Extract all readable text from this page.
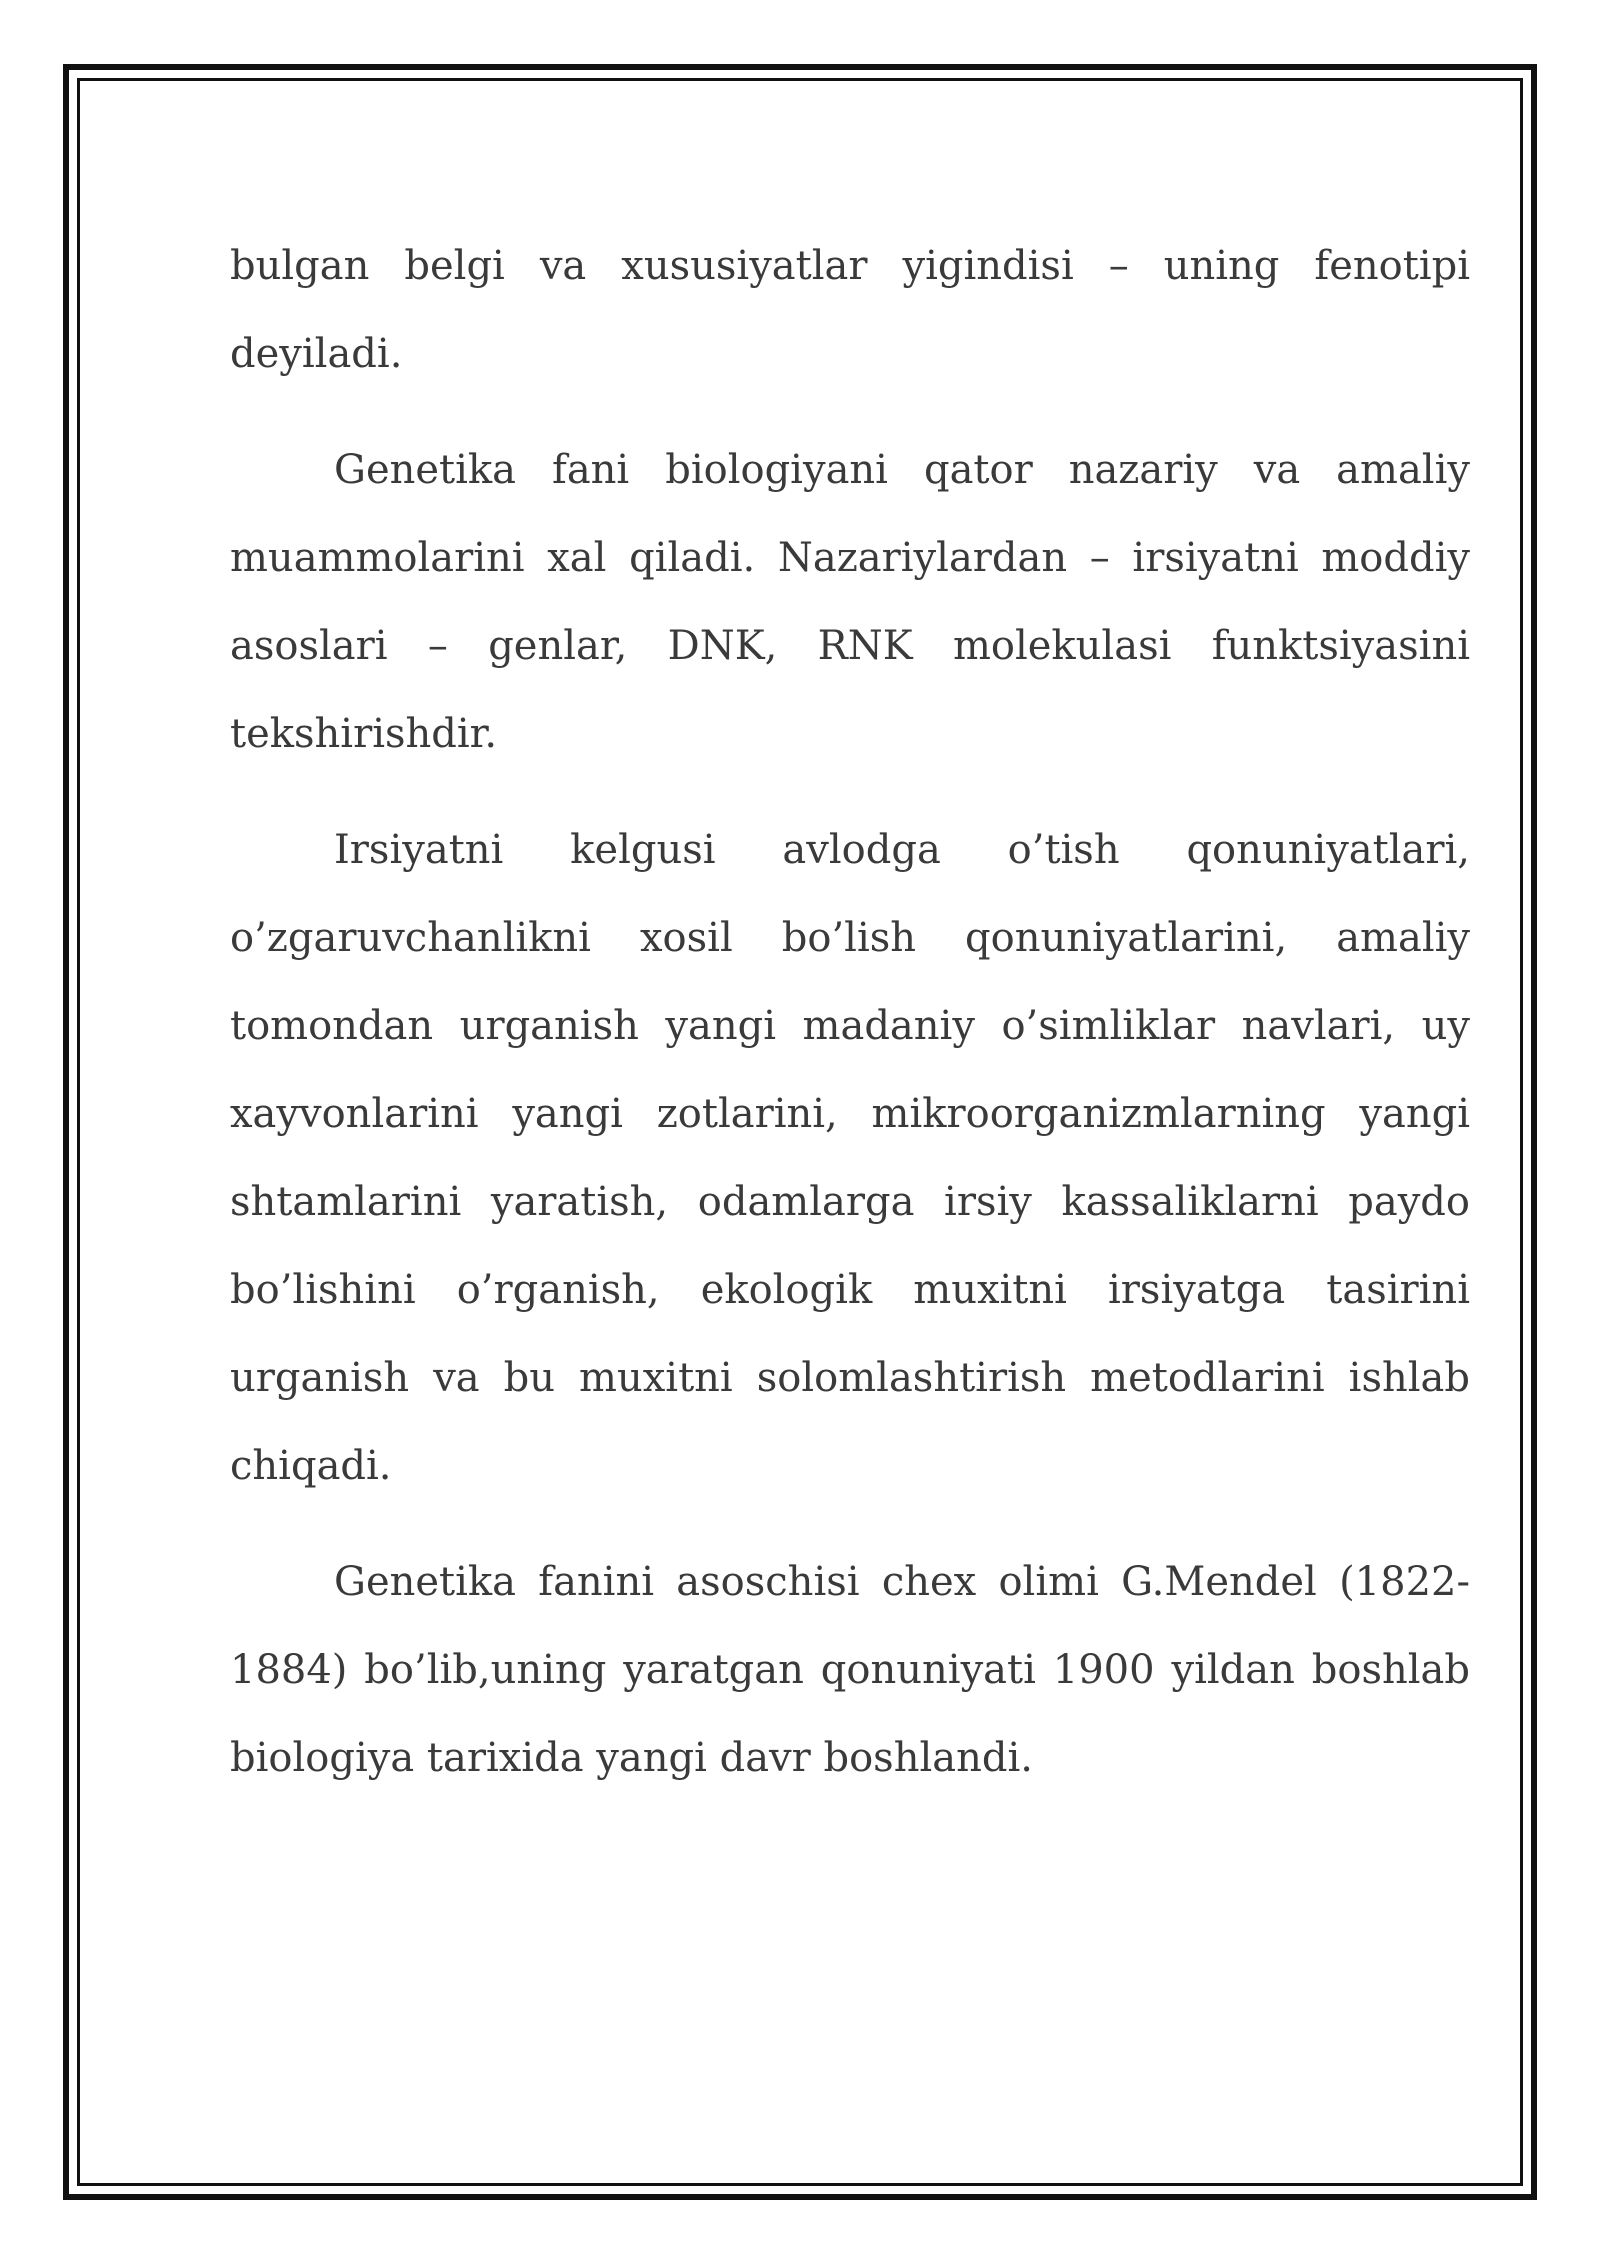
bulgan belgi va xususiyatlar yigindisi – uning fenotipi deyiladi.

Genetika fani biologiyani qator nazariy va amaliy muammolarini xal qiladi. Nazariylardan – irsiyatni moddiy asoslari – genlar, DNK, RNK molekulasi funktsiyasini tekshirishdir.

Irsiyatni kelgusi avlodga o’tish qonuniyatlari, o’zgaruvchanlikni xosil bo’lish qonuniyatlarini, amaliy tomondan urganish yangi madaniy o’simliklar navlari, uy xayvonlarini yangi zotlarini, mikroorganizmlarning yangi shtamlarini yaratish, odamlarga irsiy kassaliklarni paydo bo’lishini o’rganish, ekologik muxitni irsiyatga tasirini urganish va bu muxitni solomlashtirish metodlarini ishlab chiqadi.

Genetika fanini asoschisi chex olimi G.Mendel (1822-1884) bo’lib,uning yaratgan qonuniyati 1900 yildan boshlab biologiya tarixida yangi davr boshlandi.
